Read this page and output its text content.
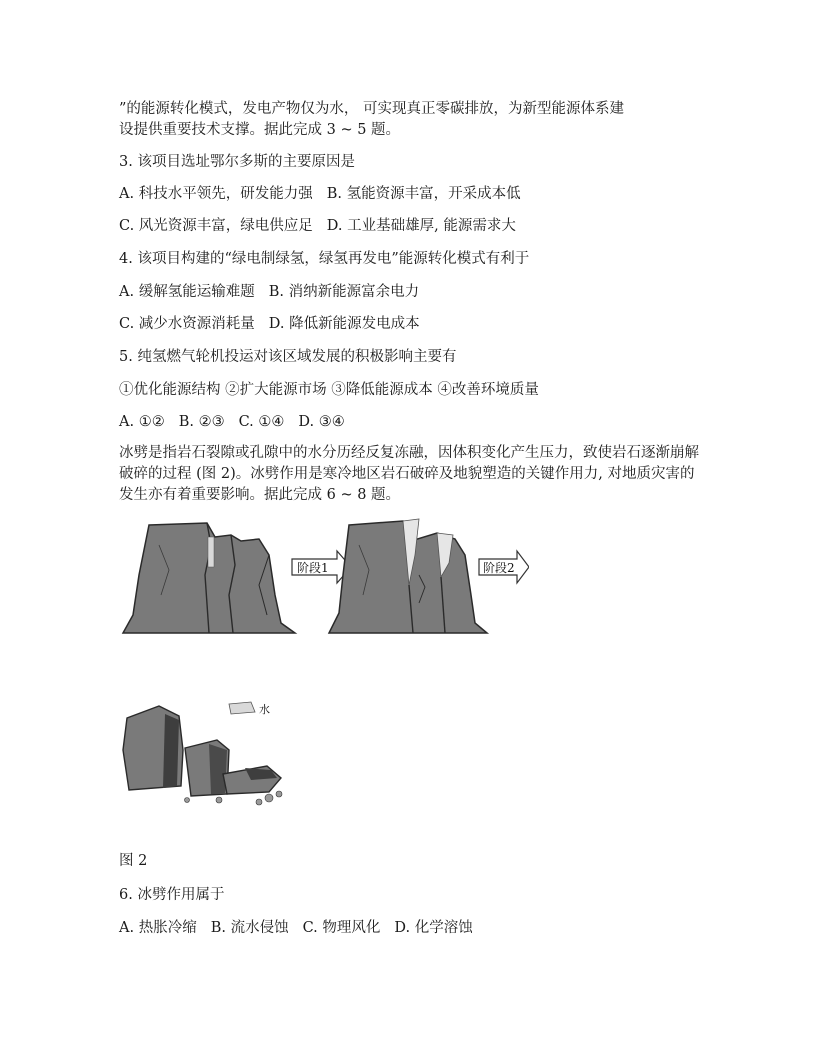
”的能源转化模式，发电产物仅为水， 可实现真正零碳排放，为新型能源体系建
设提供重要技术支撑。据此完成 3 ~ 5 题。
3. 该项目选址鄂尔多斯的主要原因是
A. 科技水平领先，研发能力强 B. 氢能资源丰富，开采成本低
C. 风光资源丰富，绿电供应足 D. 工业基础雄厚, 能源需求大
4. 该项目构建的“绿电制绿氢，绿氢再发电”能源转化模式有利于
A. 缓解氢能运输难题 B. 消纳新能源富余电力
C. 减少水资源消耗量 D. 降低新能源发电成本
5. 纯氢燃气轮机投运对该区域发展的积极影响主要有
①优化能源结构 ②扩大能源市场 ③降低能源成本 ④改善环境质量
A. ①② B. ②③ C. ①④ D. ③④
冰劈是指岩石裂隙或孔隙中的水分历经反复冻融，因体积变化产生压力，致使岩石逐渐崩解破碎的过程 (图 2)。冰劈作用是寒冷地区岩石破碎及地貌塑造的关键作用力, 对地质灾害的发生亦有着重要影响。据此完成 6 ~ 8 题。
阶段1	阶段2
水
图 2
6. 冰劈作用属于
A. 热胀冷缩 B. 流水侵蚀 C. 物理风化 D. 化学溶蚀
